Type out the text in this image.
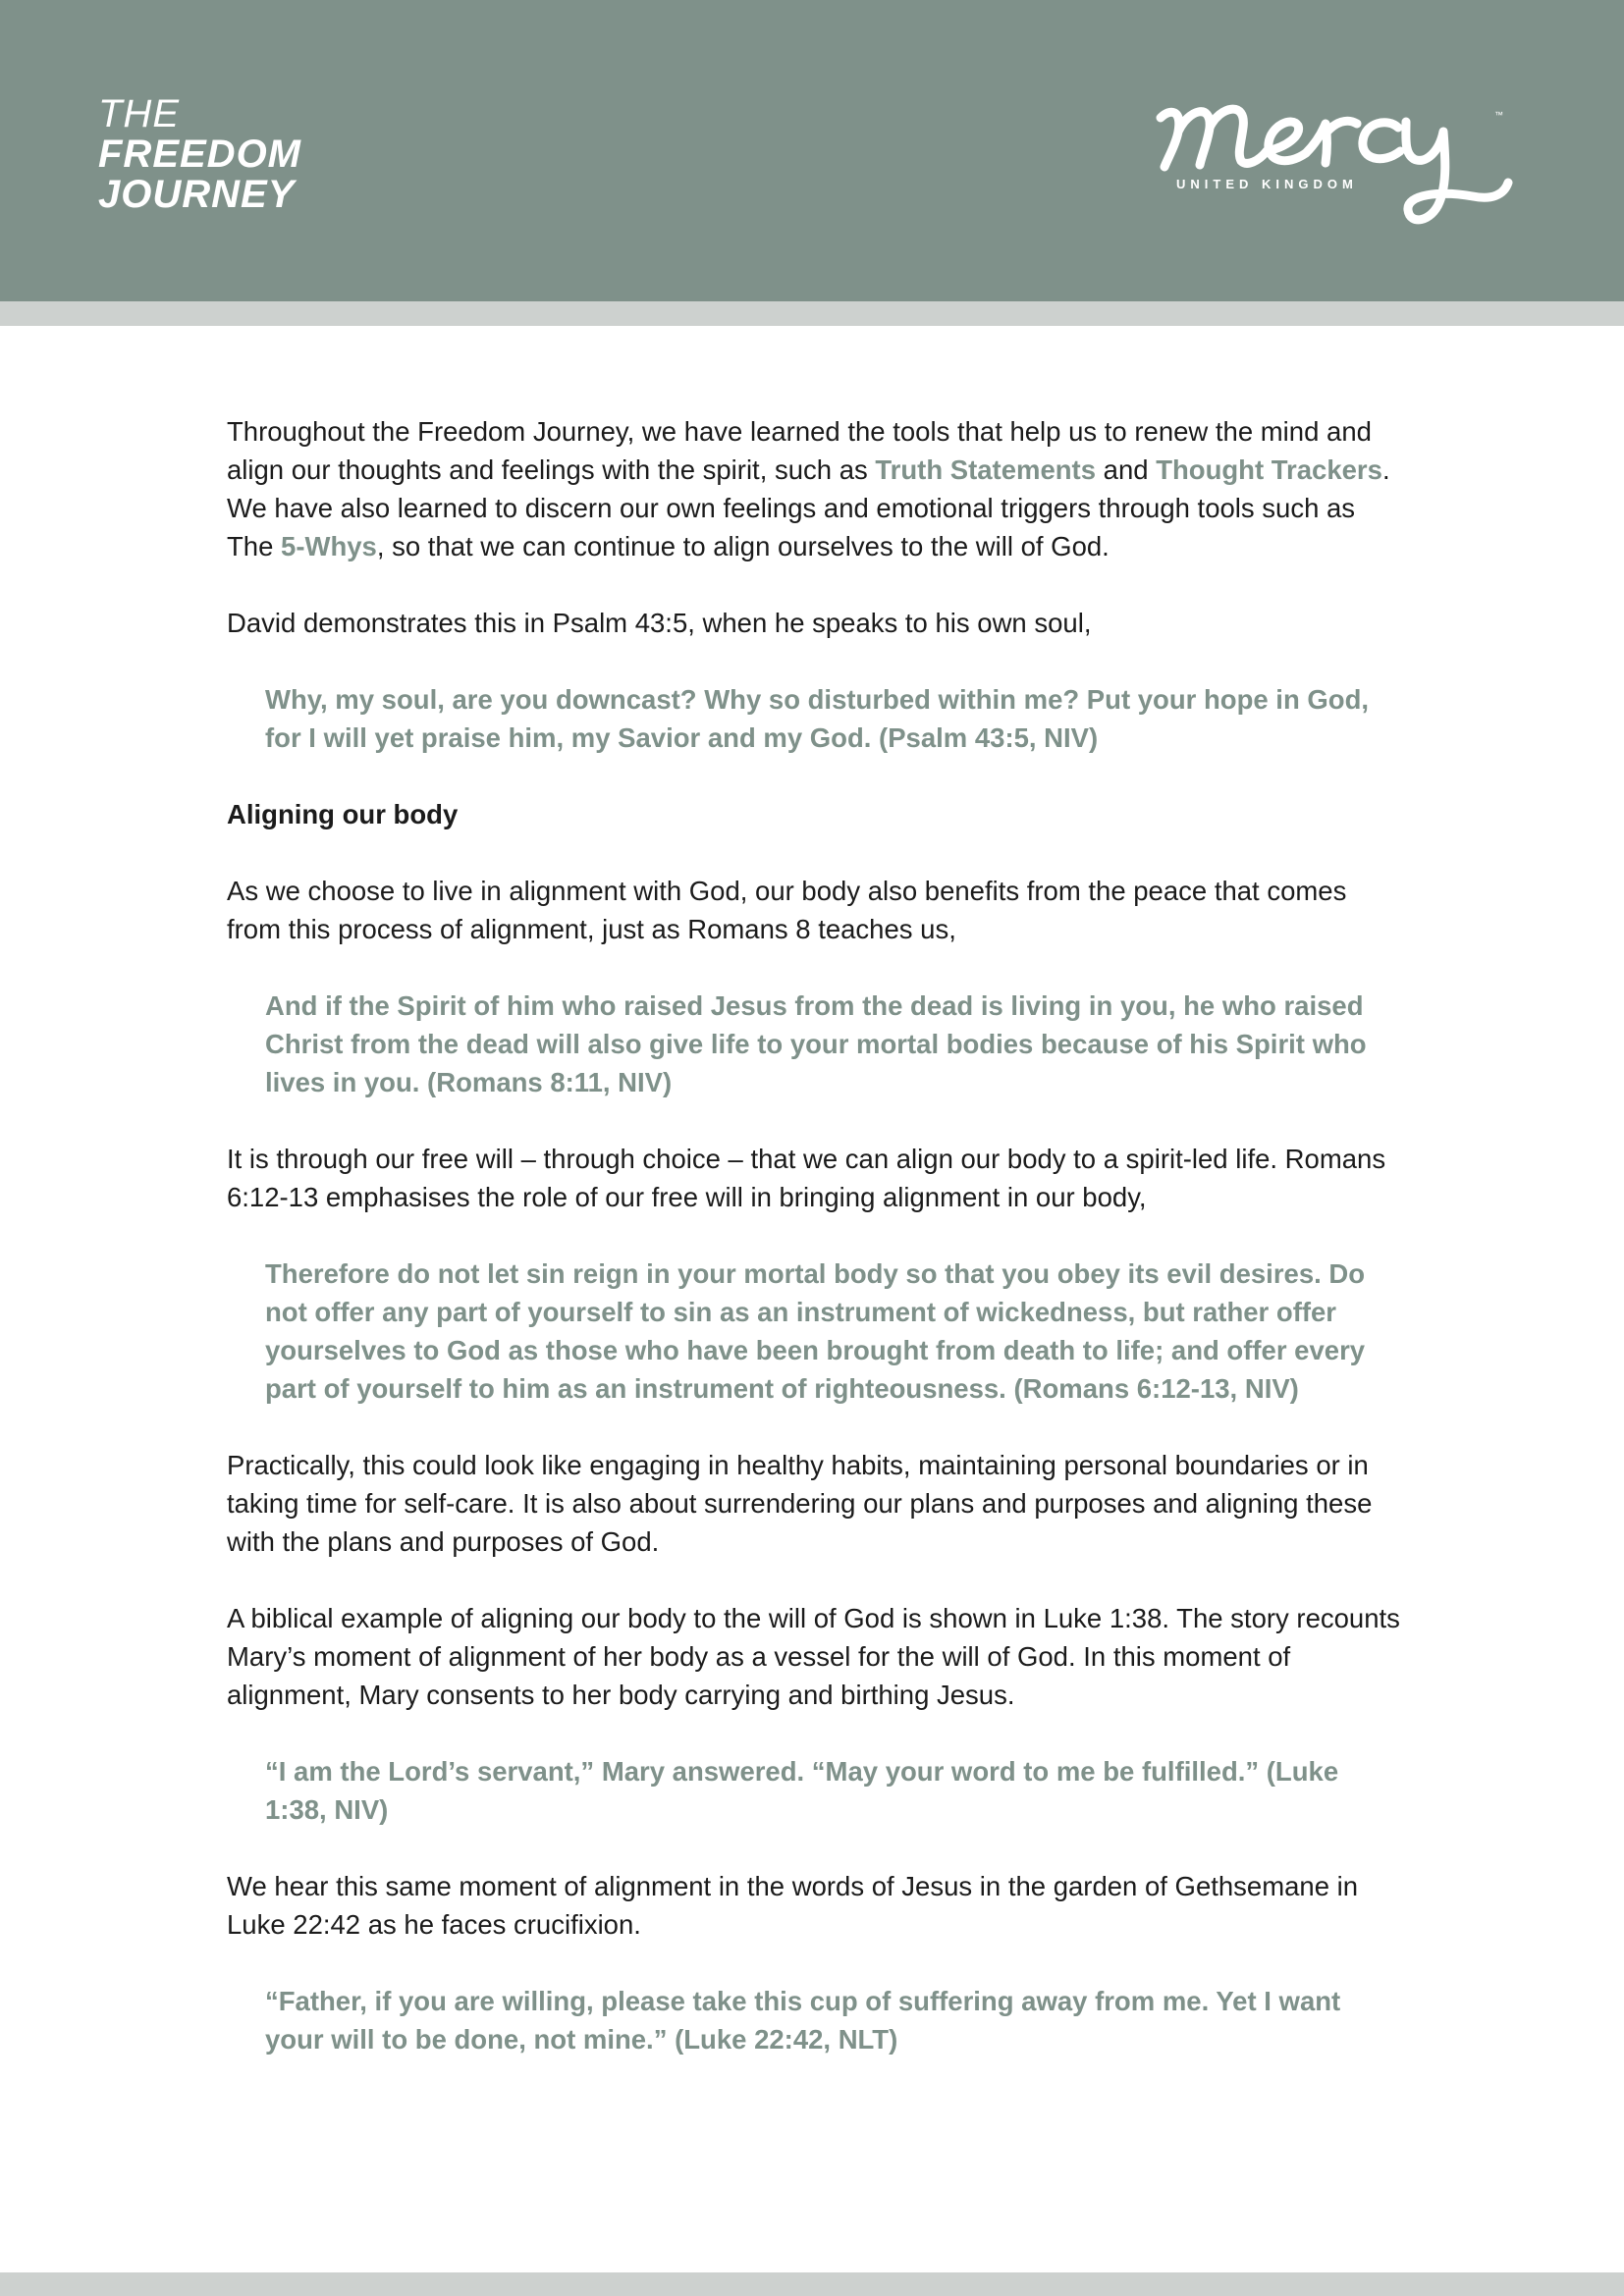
THE
FREEDOM
JOURNEY
™
UNITED KINGDOM

Throughout the Freedom Journey, we have learned the tools that help us to renew the mind and align our thoughts and feelings with the spirit, such as Truth Statements and Thought Trackers. We have also learned to discern our own feelings and emotional triggers through tools such as The 5-Whys, so that we can continue to align ourselves to the will of God.

David demonstrates this in Psalm 43:5, when he speaks to his own soul,

Why, my soul, are you downcast? Why so disturbed within me? Put your hope in God, for I will yet praise him, my Savior and my God. (Psalm 43:5, NIV)
Aligning our body

As we choose to live in alignment with God, our body also benefits from the peace that comes from this process of alignment, just as Romans 8 teaches us,

And if the Spirit of him who raised Jesus from the dead is living in you, he who raised Christ from the dead will also give life to your mortal bodies because of his Spirit who lives in you. (Romans 8:11, NIV)

It is through our free will – through choice – that we can align our body to a spirit-led life. Romans 6:12-13 emphasises the role of our free will in bringing alignment in our body,

Therefore do not let sin reign in your mortal body so that you obey its evil desires. Do not offer any part of yourself to sin as an instrument of wickedness, but rather offer yourselves to God as those who have been brought from death to life; and offer every part of yourself to him as an instrument of righteousness. (Romans 6:12-13, NIV)

Practically, this could look like engaging in healthy habits, maintaining personal boundaries or in taking time for self-care. It is also about surrendering our plans and purposes and aligning these with the plans and purposes of God.

A biblical example of aligning our body to the will of God is shown in Luke 1:38. The story recounts Mary’s moment of alignment of her body as a vessel for the will of God. In this moment of alignment, Mary consents to her body carrying and birthing Jesus.

“I am the Lord’s servant,” Mary answered. “May your word to me be fulfilled.” (Luke 1:38, NIV)

We hear this same moment of alignment in the words of Jesus in the garden of Gethsemane in Luke 22:42 as he faces crucifixion.

“Father, if you are willing, please take this cup of suffering away from me. Yet I want your will to be done, not mine.” (Luke 22:42, NLT)
